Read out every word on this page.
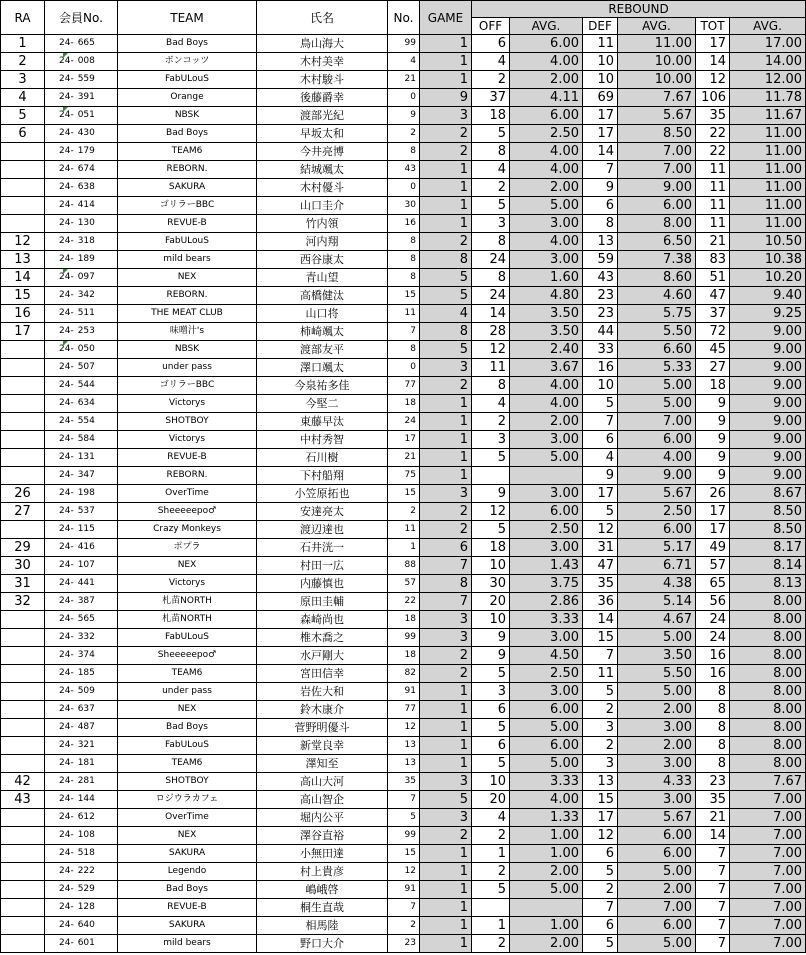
RA	会員No.	TEAM	氏名	No.	GAME	REBOUND					
						OFF	AVG.	DEF	AVG.	TOT	AVG.
1	24- 665	Bad Boys	鳥山海大	99	1	6	6.00	11	11.00	17	17.00
2	24- 008	ボンコッツ	木村美幸	4	1	4	4.00	10	10.00	14	14.00
3	24- 559	FabULouS	木村駿斗	21	1	2	2.00	10	10.00	12	12.00
4	24- 391	Orange	後藤爵幸	0	9	37	4.11	69	7.67	106	11.78
5	24- 051	NBSK	渡部光紀	9	3	18	6.00	17	5.67	35	11.67
6	24- 430	Bad Boys	早坂太和	2	2	5	2.50	17	8.50	22	11.00
	24- 179	TEAM6	今井亮博	8	2	8	4.00	14	7.00	22	11.00
	24- 674	REBORN.	結城颯太	43	1	4	4.00	7	7.00	11	11.00
	24- 638	SAKURA	木村優斗	0	1	2	2.00	9	9.00	11	11.00
	24- 414	ゴリラーBBC	山口圭介	30	1	5	5.00	6	6.00	11	11.00
	24- 130	REVUE-B	竹内領	16	1	3	3.00	8	8.00	11	11.00
12	24- 318	FabULouS	河内翔	8	2	8	4.00	13	6.50	21	10.50
13	24- 189	mild bears	西谷康太	8	8	24	3.00	59	7.38	83	10.38
14	24- 097	NEX	青山望	8	5	8	1.60	43	8.60	51	10.20
15	24- 342	REBORN.	高橋健汰	15	5	24	4.80	23	4.60	47	9.40
16	24- 511	THE MEAT CLUB	山口将	11	4	14	3.50	23	5.75	37	9.25
17	24- 253	味噌汁's	柿崎颯太	7	8	28	3.50	44	5.50	72	9.00
	24- 050	NBSK	渡部友平	8	5	12	2.40	33	6.60	45	9.00
	24- 507	under pass	澤口颯太	0	3	11	3.67	16	5.33	27	9.00
	24- 544	ゴリラーBBC	今泉祐多佳	77	2	8	4.00	10	5.00	18	9.00
	24- 634	Victorys	今堅二	18	1	4	4.00	5	5.00	9	9.00
	24- 554	SHOTBOY	東藤早汰	24	1	2	2.00	7	7.00	9	9.00
	24- 584	Victorys	中村秀智	17	1	3	3.00	6	6.00	9	9.00
	24- 131	REVUE-B	石川樹	21	1	5	5.00	4	4.00	9	9.00
	24- 347	REBORN.	下村船翔	75	1			9	9.00	9	9.00
26	24- 198	OverTime	小笠原拓也	15	3	9	3.00	17	5.67	26	8.67
27	24- 537	Sheeeeepo♂	安達亮太	2	2	12	6.00	5	2.50	17	8.50
	24- 115	Crazy Monkeys	渡辺達也	11	2	5	2.50	12	6.00	17	8.50
29	24- 416	ポプラ	石井洸一	1	6	18	3.00	31	5.17	49	8.17
30	24- 107	NEX	村田一広	88	7	10	1.43	47	6.71	57	8.14
31	24- 441	Victorys	内藤慎也	57	8	30	3.75	35	4.38	65	8.13
32	24- 387	札苗NORTH	原田圭輔	22	7	20	2.86	36	5.14	56	8.00
	24- 565	札苗NORTH	森崎尚也	18	3	10	3.33	14	4.67	24	8.00
	24- 332	FabULouS	椎木喬之	99	3	9	3.00	15	5.00	24	8.00
	24- 374	Sheeeeepo♂	水戸剛大	18	2	9	4.50	7	3.50	16	8.00
	24- 185	TEAM6	宮田信幸	82	2	5	2.50	11	5.50	16	8.00
	24- 509	under pass	岩佐大和	91	1	3	3.00	5	5.00	8	8.00
	24- 637	NEX	鈴木康介	77	1	6	6.00	2	2.00	8	8.00
	24- 487	Bad Boys	菅野明優斗	12	1	5	5.00	3	3.00	8	8.00
	24- 321	FabULouS	新堂良幸	13	1	6	6.00	2	2.00	8	8.00
	24- 181	TEAM6	澤知至	13	1	5	5.00	3	3.00	8	8.00
42	24- 281	SHOTBOY	高山大河	35	3	10	3.33	13	4.33	23	7.67
43	24- 144	ロジウラカフェ	高山智企	7	5	20	4.00	15	3.00	35	7.00
	24- 612	OverTime	堀内公平	5	3	4	1.33	17	5.67	21	7.00
	24- 108	NEX	澤谷直裕	99	2	2	1.00	12	6.00	14	7.00
	24- 518	SAKURA	小無田達	15	1	1	1.00	6	6.00	7	7.00
	24- 222	Legendo	村上貴彦	12	1	2	2.00	5	5.00	7	7.00
	24- 529	Bad Boys	嶋峨啓	91	1	5	5.00	2	2.00	7	7.00
	24- 128	REVUE-B	桐生直哉	7	1			7	7.00	7	7.00
	24- 640	SAKURA	相馬陸	2	1	1	1.00	6	6.00	7	7.00
	24- 601	mild bears	野口大介	23	1	2	2.00	5	5.00	7	7.00
